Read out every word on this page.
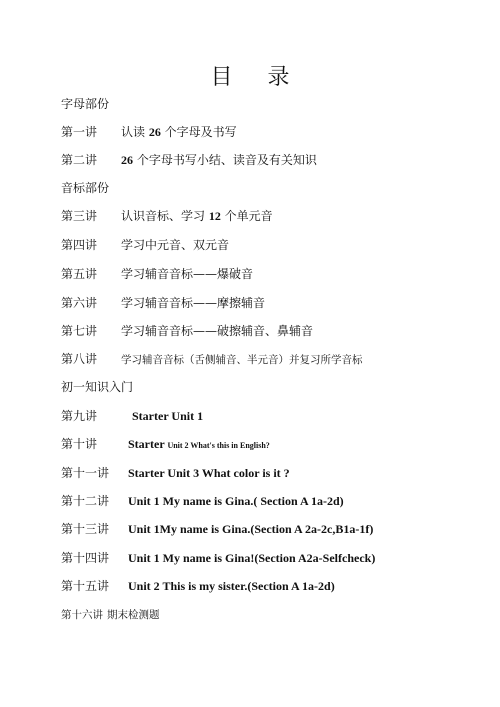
目 录
字母部份
第一讲 认读 26 个字母及书写
第二讲 26 个字母书写小结、读音及有关知识
音标部份
第三讲 认识音标、学习 12 个单元音
第四讲 学习中元音、双元音
第五讲 学习辅音音标——爆破音
第六讲 学习辅音音标——摩擦辅音
第七讲 学习辅音音标——破擦辅音、鼻辅音
第八讲 学习辅音音标（舌侧辅音、半元音）并复习所学音标
初一知识入门
第九讲	Starter Unit 1
第十讲	Starter Unit 2 What's this in English?
第十一讲 Starter Unit 3 What color is it ?
第十二讲 Unit 1 My name is Gina.( Section A 1a-2d)
第十三讲 Unit 1My name is Gina.(Section A 2a-2c,B1a-1f)
第十四讲 Unit 1 My name is Gina!(Section A2a-Selfcheck)
第十五讲 Unit 2 This is my sister.(Section A 1a-2d)
第十六讲 期末检测题
